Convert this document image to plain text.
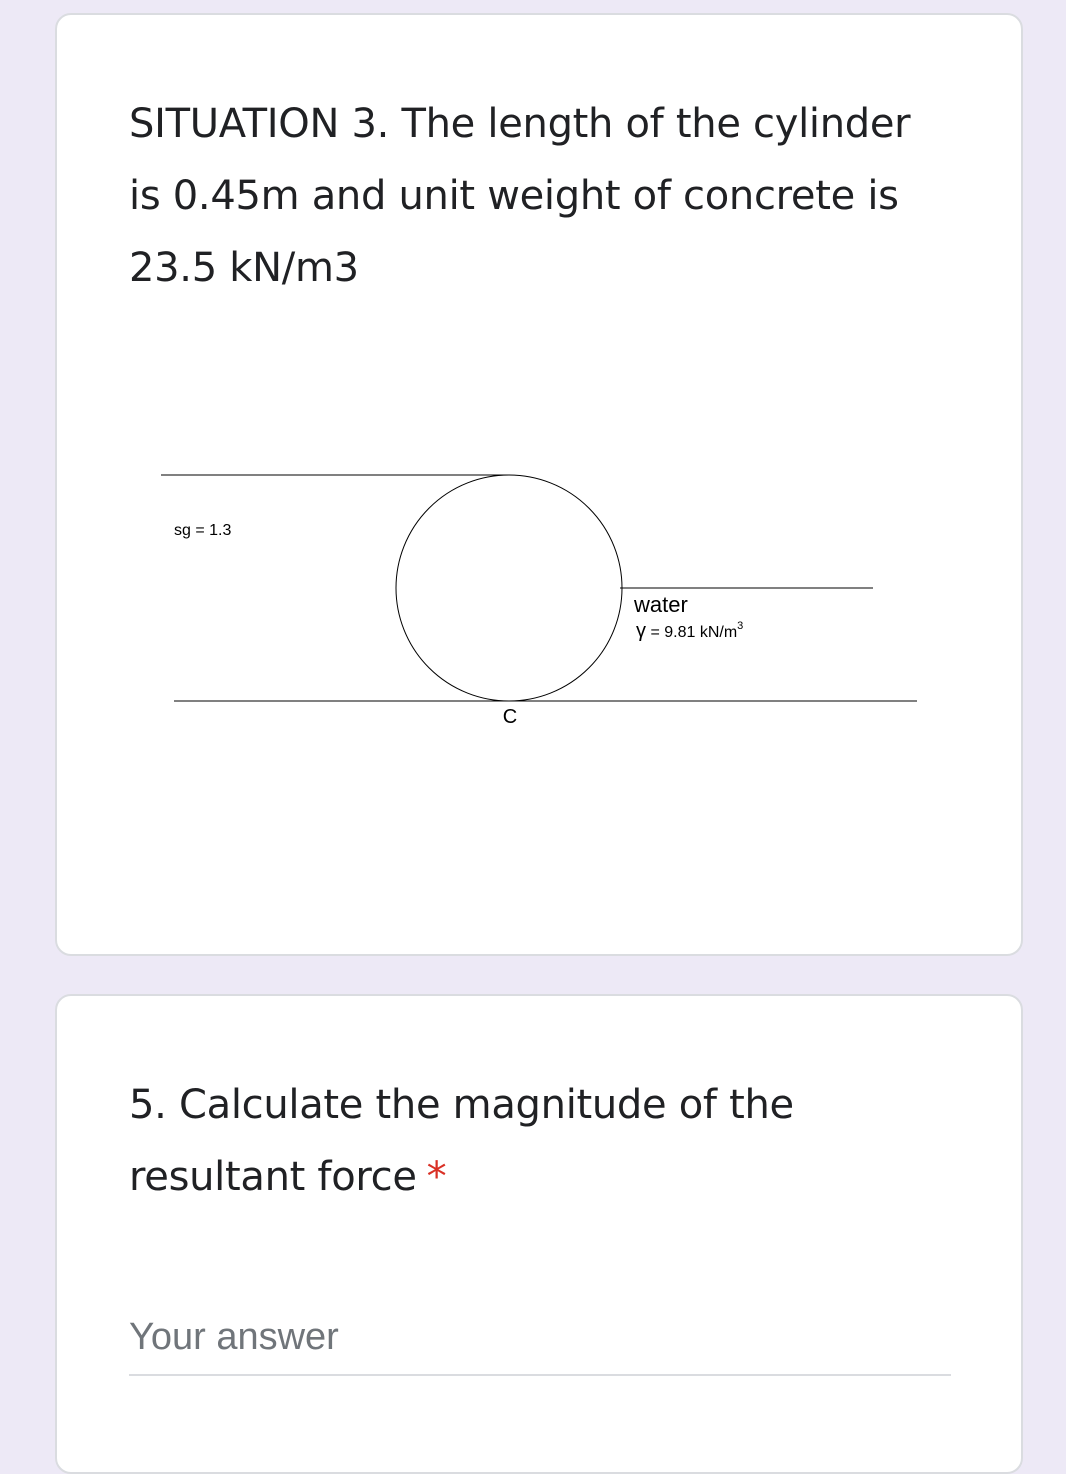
SITUATION 3. The length of the cylinder is 0.45m and unit weight of concrete is 23.5 kN/m3

sg = 1.3
water
γ = 9.81 $kN/m^3$
C

5. Calculate the magnitude of the resultant force *

Your answer
